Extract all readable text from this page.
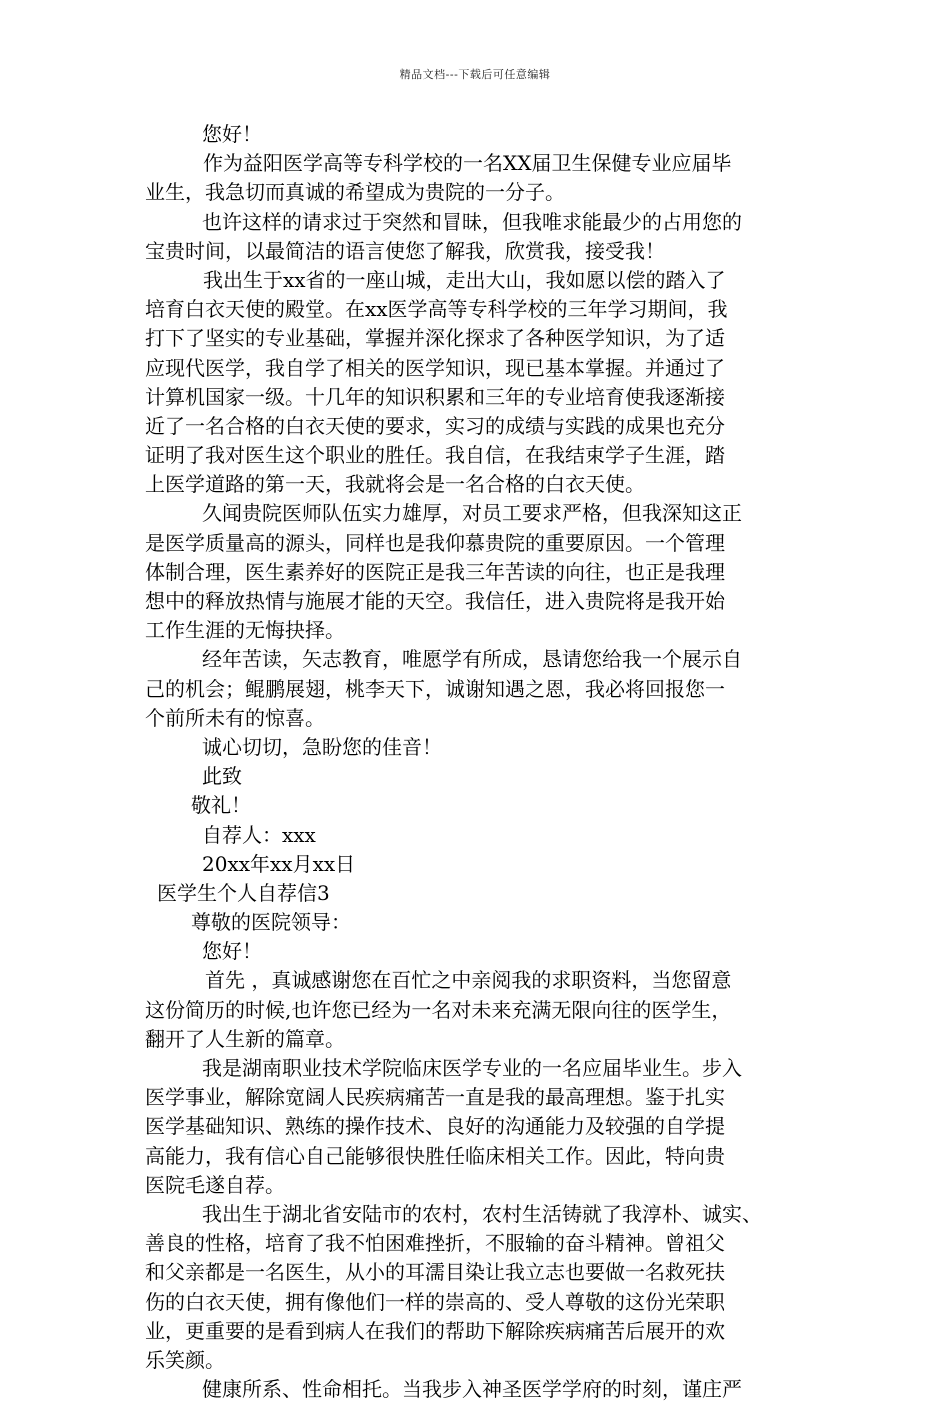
精品文档---下载后可任意编辑
您好！
作为益阳医学高等专科学校的一名XX届卫生保健专业应届毕
业生，我急切而真诚的希望成为贵院的一分子。
也许这样的请求过于突然和冒昧，但我唯求能最少的占用您的
宝贵时间，以最简洁的语言使您了解我，欣赏我，接受我！
我出生于xx省的一座山城，走出大山，我如愿以偿的踏入了
培育白衣天使的殿堂。在xx医学高等专科学校的三年学习期间，我
打下了坚实的专业基础，掌握并深化探求了各种医学知识，为了适
应现代医学，我自学了相关的医学知识，现已基本掌握。并通过了
计算机国家一级。十几年的知识积累和三年的专业培育使我逐渐接
近了一名合格的白衣天使的要求，实习的成绩与实践的成果也充分
证明了我对医生这个职业的胜任。我自信，在我结束学子生涯，踏
上医学道路的第一天，我就将会是一名合格的白衣天使。
久闻贵院医师队伍实力雄厚，对员工要求严格，但我深知这正
是医学质量高的源头，同样也是我仰慕贵院的重要原因。一个管理
体制合理，医生素养好的医院正是我三年苦读的向往，也正是我理
想中的释放热情与施展才能的天空。我信任，进入贵院将是我开始
工作生涯的无悔抉择。
经年苦读，矢志教育，唯愿学有所成，恳请您给我一个展示自
己的机会；鲲鹏展翅，桃李天下，诚谢知遇之恩，我必将回报您一
个前所未有的惊喜。
诚心切切，急盼您的佳音！
此致
敬礼！
自荐人：xxx
20xx年xx月xx日
医学生个人自荐信3
尊敬的医院领导：
您好！
首先 ，真诚感谢您在百忙之中亲阅我的求职资料，当您留意
这份简历的时候,也许您已经为一名对未来充满无限向往的医学生，
翻开了人生新的篇章。
我是湖南职业技术学院临床医学专业的一名应届毕业生。步入
医学事业，解除宽阔人民疾病痛苦一直是我的最高理想。鉴于扎实
医学基础知识、熟练的操作技术、良好的沟通能力及较强的自学提
高能力，我有信心自己能够很快胜任临床相关工作。因此，特向贵
医院毛遂自荐。
我出生于湖北省安陆市的农村，农村生活铸就了我淳朴、诚实、
善良的性格，培育了我不怕困难挫折，不服输的奋斗精神。曾祖父
和父亲都是一名医生，从小的耳濡目染让我立志也要做一名救死扶
伤的白衣天使，拥有像他们一样的崇高的、受人尊敬的这份光荣职
业，更重要的是看到病人在我们的帮助下解除疾病痛苦后展开的欢
乐笑颜。
健康所系、性命相托。当我步入神圣医学学府的时刻，谨庄严
